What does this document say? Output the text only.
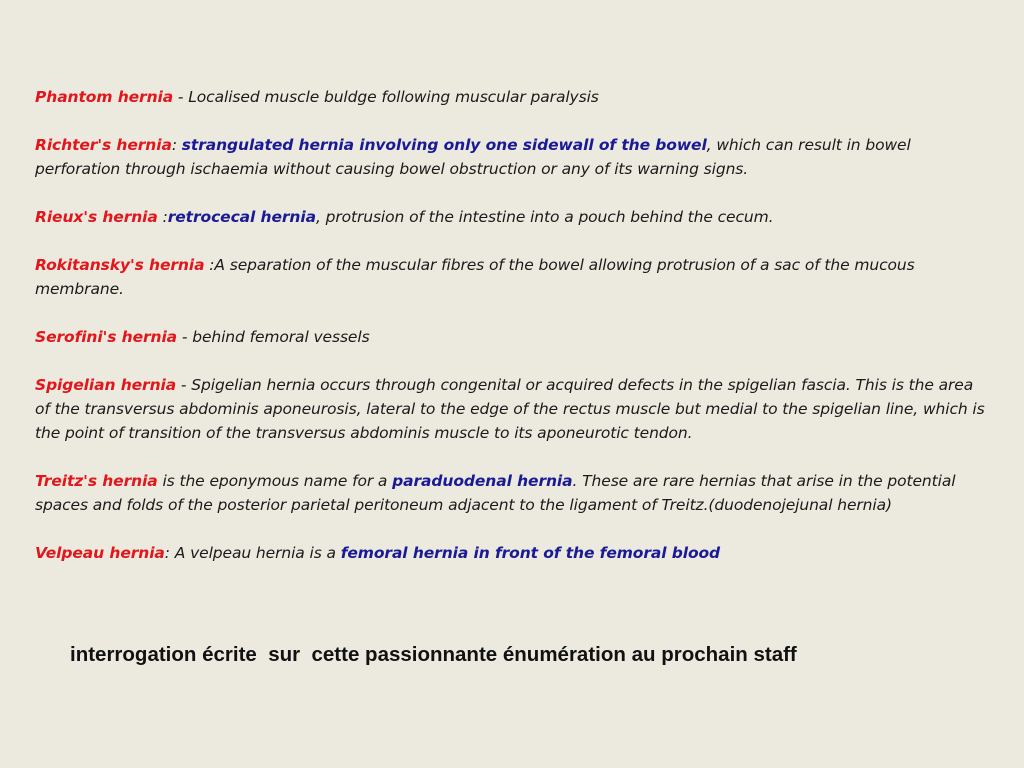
Phantom hernia - Localised muscle buldge following muscular paralysis

Richter's hernia: strangulated hernia involving only one sidewall of the bowel, which can result in bowel perforation through ischaemia without causing bowel obstruction or any of its warning signs.

Rieux's hernia :retrocecal hernia, protrusion of the intestine into a pouch behind the cecum.

Rokitansky's hernia :A separation of the muscular fibres of the bowel allowing protrusion of a sac of the mucous membrane.

Serofini's hernia - behind femoral vessels

Spigelian hernia - Spigelian hernia occurs through congenital or acquired defects in the spigelian fascia. This is the area of the transversus abdominis aponeurosis, lateral to the edge of the rectus muscle but medial to the spigelian line, which is the point of transition of the transversus abdominis muscle to its aponeurotic tendon.

Treitz's hernia is the eponymous name for a paraduodenal hernia. These are rare hernias that arise in the potential spaces and folds of the posterior parietal peritoneum adjacent to the ligament of Treitz.(duodenojejunal hernia)

Velpeau hernia: A velpeau hernia is a femoral hernia in front of the femoral blood

interrogation écrite  sur  cette passionnante énumération au prochain staff
